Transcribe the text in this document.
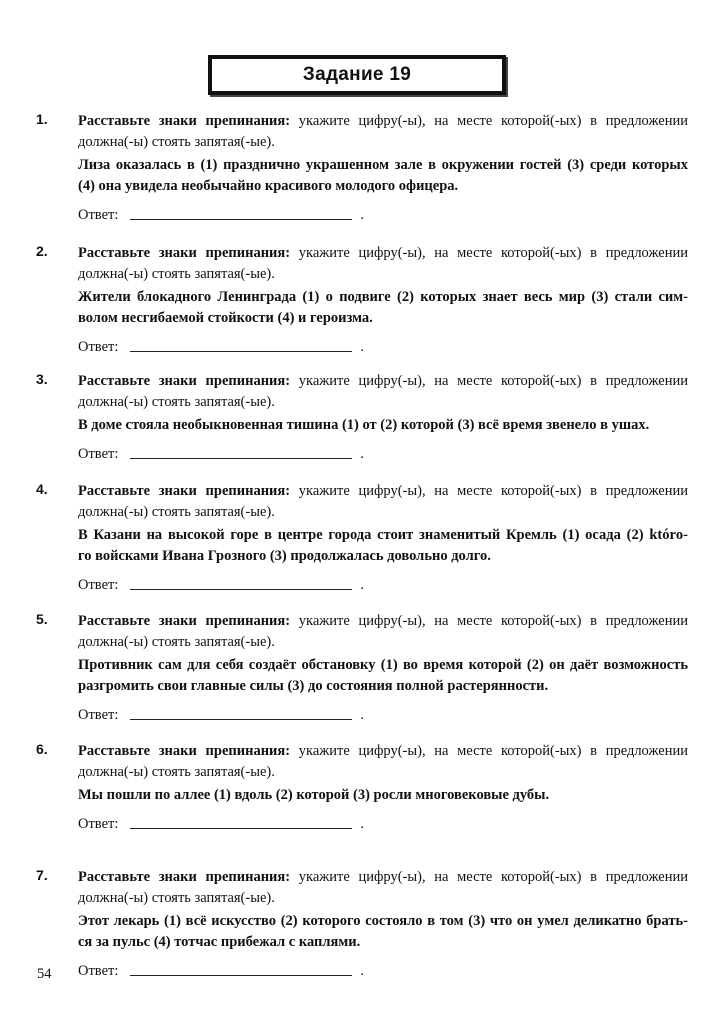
Задание 19
1. Расставьте знаки препинания: укажите цифру(-ы), на месте которой(-ых) в предложении
должна(-ы) стоять запятая(-ые).
Лиза оказалась в (1) празднично украшенном зале в окружении гостей (3) среди которых
(4) она увидела необычайно красивого молодого офицера.
Ответ:	.
2. Расставьте знаки препинания: укажите цифру(-ы), на месте которой(-ых) в предложении
должна(-ы) стоять запятая(-ые).
Жители блокадного Ленинграда (1) о подвиге (2) которых знает весь мир (3) стали сим-
волом несгибаемой стойкости (4) и героизма.
Ответ:	.
3. Расставьте знаки препинания: укажите цифру(-ы), на месте которой(-ых) в предложении
должна(-ы) стоять запятая(-ые).
В доме стояла необыкновенная тишина (1) от (2) которой (3) всё время звенело в ушах.
Ответ:	.
4. Расставьте знаки препинания: укажите цифру(-ы), на месте которой(-ых) в предложении
должна(-ы) стоять запятая(-ые).
В Казани на высокой горе в центре города стоит знаменитый Кремль (1) осада (2) którо-
го войсками Ивана Грозного (3) продолжалась довольно долго.
Ответ:	.
5. Расставьте знаки препинания: укажите цифру(-ы), на месте которой(-ых) в предложении
должна(-ы) стоять запятая(-ые).
Противник сам для себя создаёт обстановку (1) во время которой (2) он даёт возможность
разгромить свои главные силы (3) до состояния полной растерянности.
Ответ:	.
6. Расставьте знаки препинания: укажите цифру(-ы), на месте которой(-ых) в предложении
должна(-ы) стоять запятая(-ые).
Мы пошли по аллее (1) вдоль (2) которой (3) росли многовековые дубы.
Ответ:	.
7. Расставьте знаки препинания: укажите цифру(-ы), на месте которой(-ых) в предложении
должна(-ы) стоять запятая(-ые).
Этот лекарь (1) всё искусство (2) которого состояло в том (3) что он умел деликатно брать-
ся за пульс (4) тотчас прибежал с каплями.
Ответ:	.
54
